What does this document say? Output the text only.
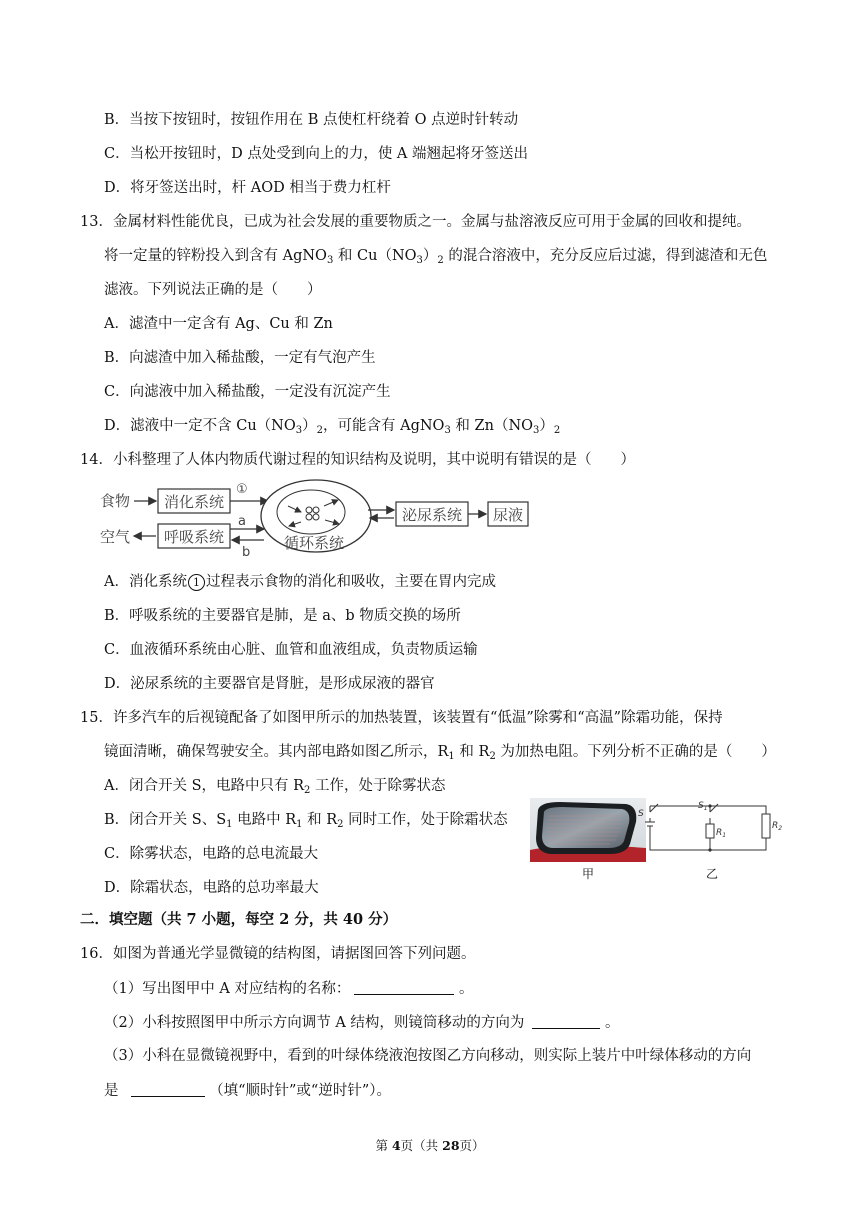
B．当按下按钮时，按钮作用在 B 点使杠杆绕着 O 点逆时针转动
C．当松开按钮时，D 点处受到向上的力，使 A 端翘起将牙签送出
D．将牙签送出时，杆 AOD 相当于费力杠杆
13．金属材料性能优良，已成为社会发展的重要物质之一。金属与盐溶液反应可用于金属的回收和提纯。
将一定量的锌粉投入到含有 AgNO$_3$ 和 $Cu(NO_3)_2$ 的混合溶液中，充分反应后过滤，得到滤渣和无色
滤液。下列说法正确的是（　　）
A．滤渣中一定含有 Ag、Cu 和 Zn
B．向滤渣中加入稀盐酸，一定有气泡产生
C．向滤液中加入稀盐酸，一定没有沉淀产生
D．滤液中一定不含 $Cu(NO_3)_2$，可能含有 AgNO$_3$ 和 $Zn(NO_3)_2$
14．小科整理了人体内物质代谢过程的知识结构及说明，其中说明有错误的是（　　）
食物
空气
消化系统
呼吸系统
①
a
b
循环系统
泌尿系统 尿液
A．消化系统 1 过程表示食物的消化和吸收，主要在胃内完成
B．呼吸系统的主要器官是肺，是 a、b 物质交换的场所
C．血液循环系统由心脏、血管和血液组成，负责物质运输
D．泌尿系统的主要器官是肾脏，是形成尿液的器官
15．许多汽车的后视镜配备了如图甲所示的加热装置，该装置有“低温”除雾和“高温”除霜功能，保持
镜面清晰，确保驾驶安全。其内部电路如图乙所示，$R_1$ 和 $R_2$ 为加热电阻。下列分析不正确的是（　　）
A．闭合开关 S，电路中只有 $R_2$ 工作，处于除雾状态
B．闭合开关 S、$S_1$ 电路中 $R_1$ 和 $R_2$ 同时工作，处于除霜状态
C．除雾状态，电路的总电流最大
D．除霜状态，电路的总功率最大
甲
S
$S_1$
$R_1$
$R_2$
乙
二．填空题（共 7 小题，每空 2 分，共 40 分）
16．如图为普通光学显微镜的结构图，请据图回答下列问题。
（1）写出图甲中 A 对应结构的名称：	。
（2）小科按照图甲中所示方向调节 A 结构，则镜筒移动的方向为	。
（3）小科在显微镜视野中，看到的叶绿体绕液泡按图乙方向移动，则实际上装片中叶绿体移动的方向
是	（填“顺时针”或“逆时针”）。
第 4页（共 28页）
